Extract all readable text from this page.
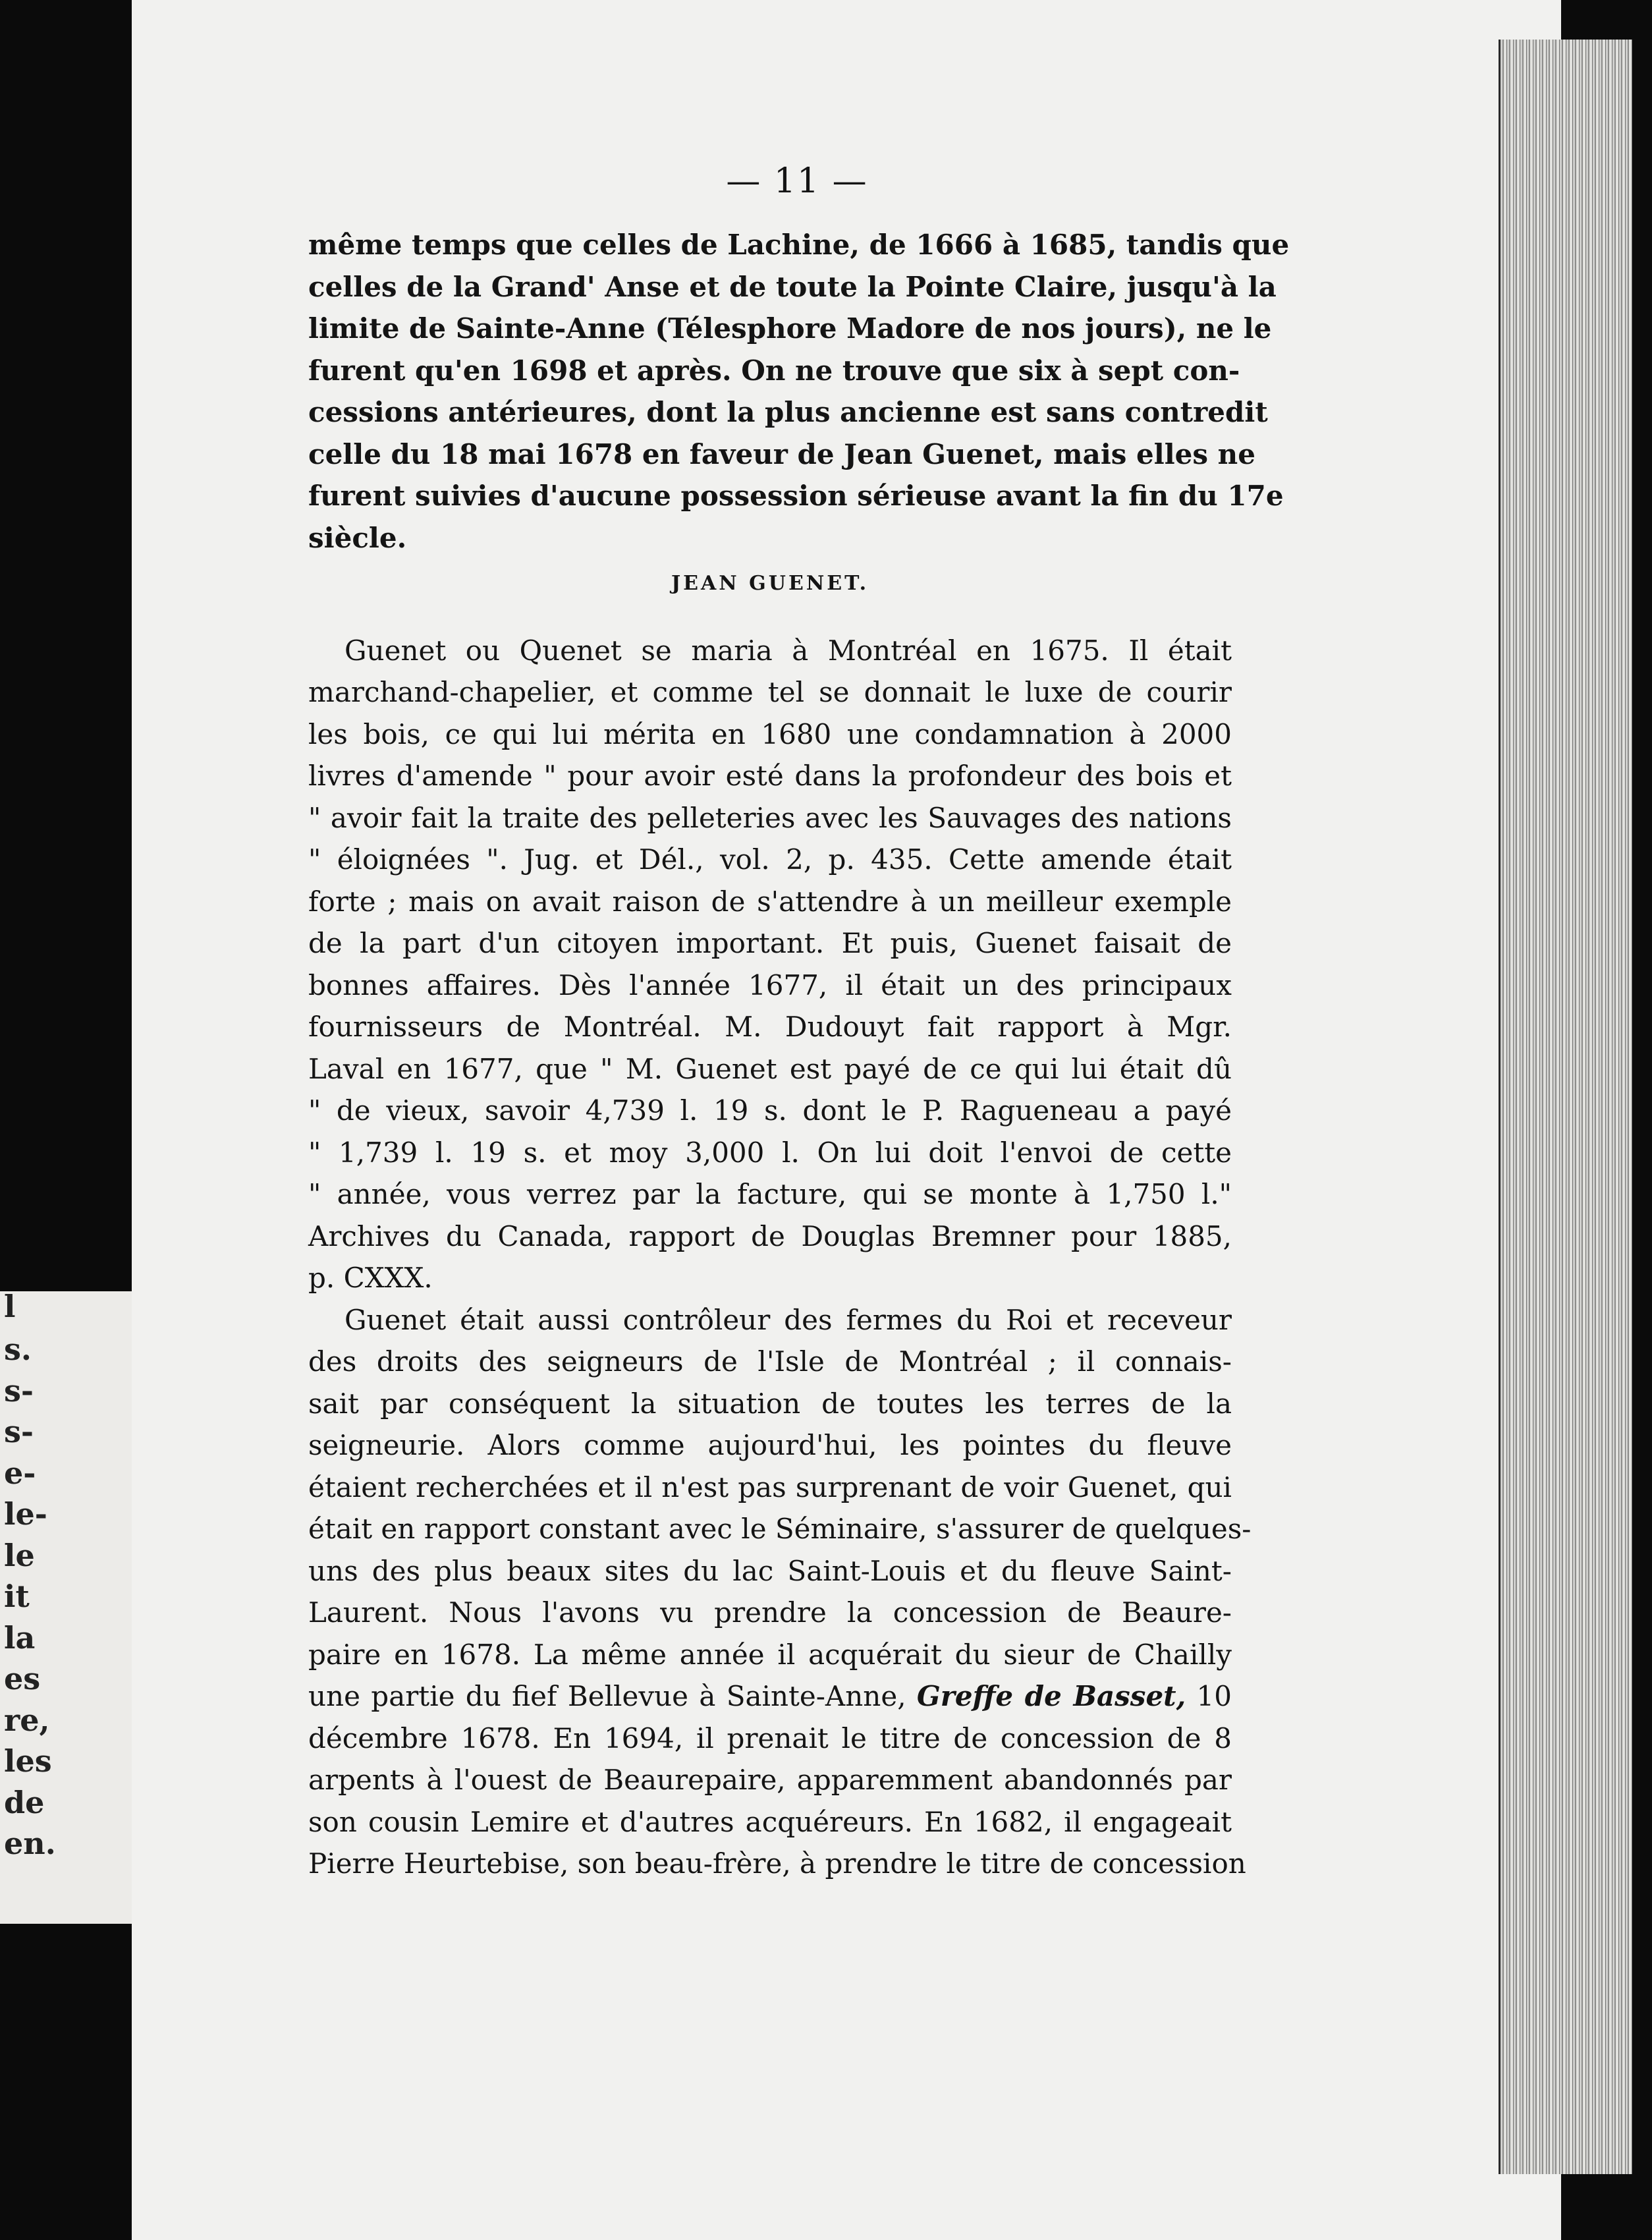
l
s.
s-
s-
e-
le-
le
it
la
es
re,
les
de
en.
— 11 —
même temps que celles de Lachine, de 1666 à 1685, tandis que
celles de la Grand' Anse et de toute la Pointe Claire, jusqu'à la
limite de Sainte-Anne (Télesphore Madore de nos jours), ne le
furent qu'en 1698 et après. On ne trouve que six à sept con-
cessions antérieures, dont la plus ancienne est sans contredit
celle du 18 mai 1678 en faveur de Jean Guenet, mais elles ne
furent suivies d'aucune possession sérieuse avant la fin du 17e
siècle.
JEAN GUENET.
Guenet ou Quenet se maria à Montréal en 1675. Il était
marchand-chapelier, et comme tel se donnait le luxe de courir
les bois, ce qui lui mérita en 1680 une condamnation à 2000
livres d'amende " pour avoir esté dans la profondeur des bois et
" avoir fait la traite des pelleteries avec les Sauvages des nations
" éloignées ". Jug. et Dél., vol. 2, p. 435. Cette amende était
forte ; mais on avait raison de s'attendre à un meilleur exemple
de la part d'un citoyen important. Et puis, Guenet faisait de
bonnes affaires. Dès l'année 1677, il était un des principaux
fournisseurs de Montréal. M. Dudouyt fait rapport à Mgr.
Laval en 1677, que " M. Guenet est payé de ce qui lui était dû
" de vieux, savoir 4,739 l. 19 s. dont le P. Ragueneau a payé
" 1,739 l. 19 s. et moy 3,000 l. On lui doit l'envoi de cette
" année, vous verrez par la facture, qui se monte à 1,750 l."
Archives du Canada, rapport de Douglas Bremner pour 1885,
p. CXXX.
Guenet était aussi contrôleur des fermes du Roi et receveur
des droits des seigneurs de l'Isle de Montréal ; il connais-
sait par conséquent la situation de toutes les terres de la
seigneurie. Alors comme aujourd'hui, les pointes du fleuve
étaient recherchées et il n'est pas surprenant de voir Guenet, qui
était en rapport constant avec le Séminaire, s'assurer de quelques-
uns des plus beaux sites du lac Saint-Louis et du fleuve Saint-
Laurent. Nous l'avons vu prendre la concession de Beaure-
paire en 1678. La même année il acquérait du sieur de Chailly
une partie du fief Bellevue à Sainte-Anne, Greffe de Basset, 10
décembre 1678. En 1694, il prenait le titre de concession de 8
arpents à l'ouest de Beaurepaire, apparemment abandonnés par
son cousin Lemire et d'autres acquéreurs. En 1682, il engageait
Pierre Heurtebise, son beau-frère, à prendre le titre de concession
